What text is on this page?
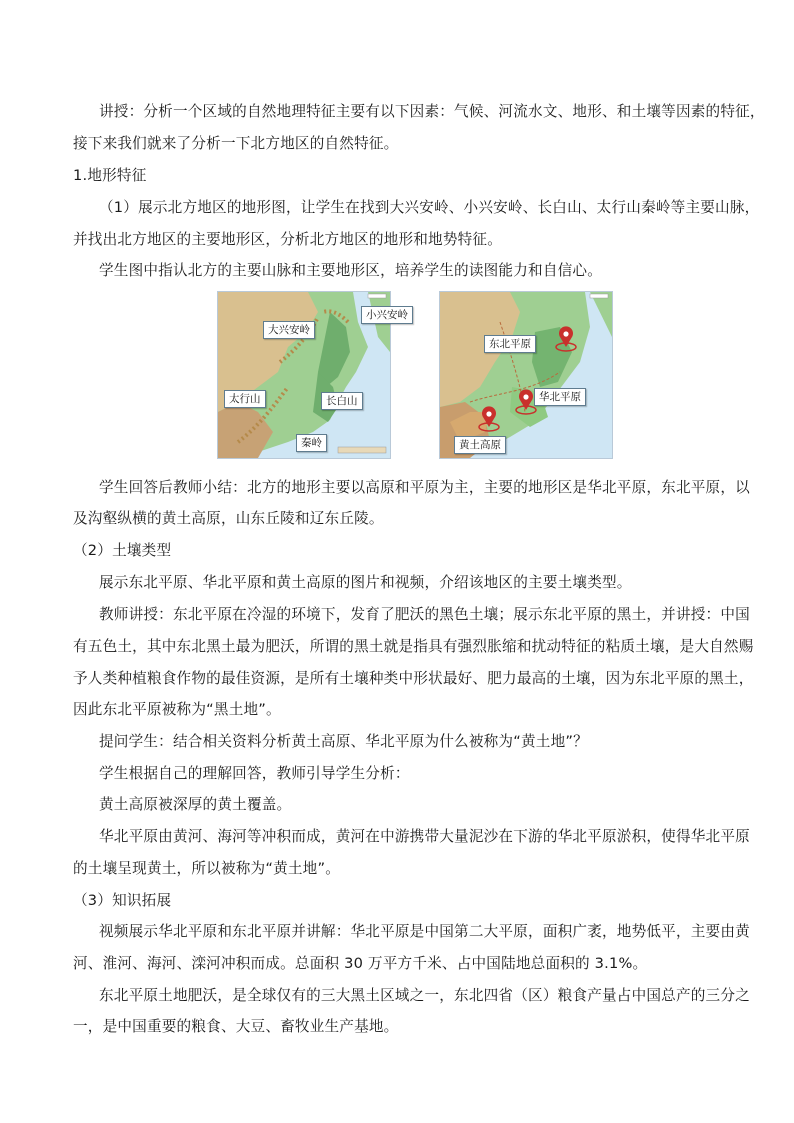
讲授：分析一个区域的自然地理特征主要有以下因素：气候、河流水文、地形、和土壤等因素的特征，
接下来我们就来了分析一下北方地区的自然特征。
1.地形特征
（1）展示北方地区的地形图，让学生在找到大兴安岭、小兴安岭、长白山、太行山秦岭等主要山脉，
并找出北方地区的主要地形区，分析北方地区的地形和地势特征。
学生图中指认北方的主要山脉和主要地形区，培养学生的读图能力和自信心。
大兴安岭
小兴安岭
太行山	长白山
秦岭
东北平原
华北平原
黄土高原
学生回答后教师小结：北方的地形主要以高原和平原为主，主要的地形区是华北平原，东北平原，以
及沟壑纵横的黄土高原，山东丘陵和辽东丘陵。
（2）土壤类型
展示东北平原、华北平原和黄土高原的图片和视频，介绍该地区的主要土壤类型。
教师讲授：东北平原在冷湿的环境下，发育了肥沃的黑色土壤；展示东北平原的黑土，并讲授：中国
有五色土，其中东北黑土最为肥沃，所谓的黑土就是指具有强烈胀缩和扰动特征的粘质土壤，是大自然赐
予人类种植粮食作物的最佳资源，是所有土壤种类中形状最好、肥力最高的土壤，因为东北平原的黑土，
因此东北平原被称为“黑土地”。
提问学生：结合相关资料分析黄土高原、华北平原为什么被称为“黄土地”？
学生根据自己的理解回答，教师引导学生分析：
黄土高原被深厚的黄土覆盖。
华北平原由黄河、海河等冲积而成，黄河在中游携带大量泥沙在下游的华北平原淤积，使得华北平原
的土壤呈现黄土，所以被称为“黄土地”。
（3）知识拓展
视频展示华北平原和东北平原并讲解：华北平原是中国第二大平原，面积广袤，地势低平，主要由黄
河、淮河、海河、滦河冲积而成。总面积 30 万平方千米、占中国陆地总面积的 3.1%。
东北平原土地肥沃，是全球仅有的三大黑土区域之一，东北四省（区）粮食产量占中国总产的三分之
一，是中国重要的粮食、大豆、畜牧业生产基地。
